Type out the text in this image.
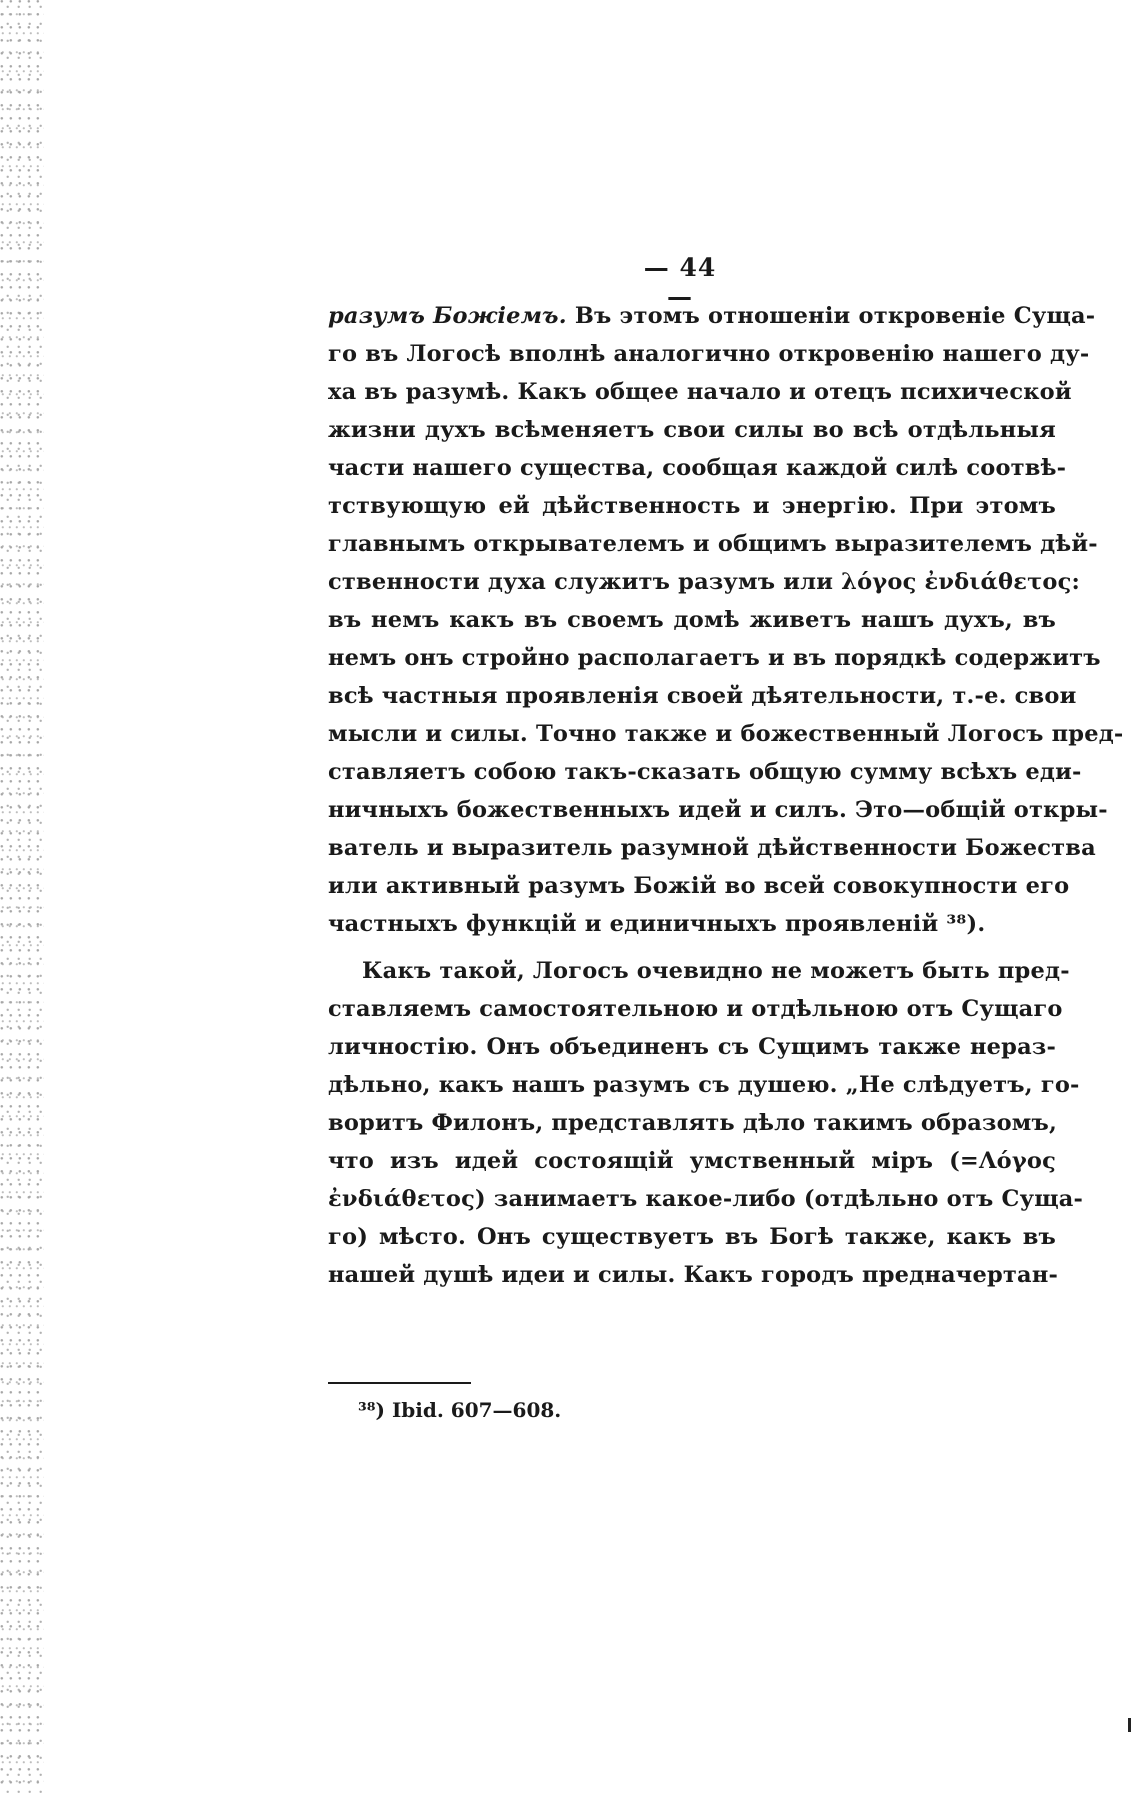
— 44 —
разумъ Божіемъ. Въ этомъ отношеніи откровеніе Суща-
го въ Логосѣ вполнѣ аналогично откровенію нашего ду-
ха въ разумѣ. Какъ общее начало и отецъ психической
жизни духъ всѣменяетъ свои силы во всѣ отдѣльныя
части нашего существа, сообщая каждой силѣ соотвѣ-
тствующую ей дѣйственность и энергію. При этомъ
главнымъ открывателемъ и общимъ выразителемъ дѣй-
ственности духа служитъ разумъ или λόγος ἐνδιάθετος:
въ немъ какъ въ своемъ домѣ живетъ нашъ духъ, въ
немъ онъ стройно располагаетъ и въ порядкѣ содержитъ
всѣ частныя проявленія своей дѣятельности, т.-е. свои
мысли и силы. Точно также и божественный Логосъ пред-
ставляетъ собою такъ-сказать общую сумму всѣхъ еди-
ничныхъ божественныхъ идей и силъ. Это—общій откры-
ватель и выразитель разумной дѣйственности Божества
или активный разумъ Божій во всей совокупности его
частныхъ функцій и единичныхъ проявленій ³⁸).
Какъ такой, Логосъ очевидно не можетъ быть пред-
ставляемъ самостоятельною и отдѣльною отъ Сущаго
личностію. Онъ объединенъ съ Сущимъ также нераз-
дѣльно, какъ нашъ разумъ съ душею. „Не слѣдуетъ, го-
воритъ Филонъ, представлять дѣло такимъ образомъ,
что изъ идей состоящій умственный міръ (=Λόγος
ἐνδιάθετος) занимаетъ какое-либо (отдѣльно отъ Суща-
го) мѣсто. Онъ существуетъ въ Богѣ также, какъ въ
нашей душѣ идеи и силы. Какъ городъ предначертан-
³⁸) Ibid. 607—608.
